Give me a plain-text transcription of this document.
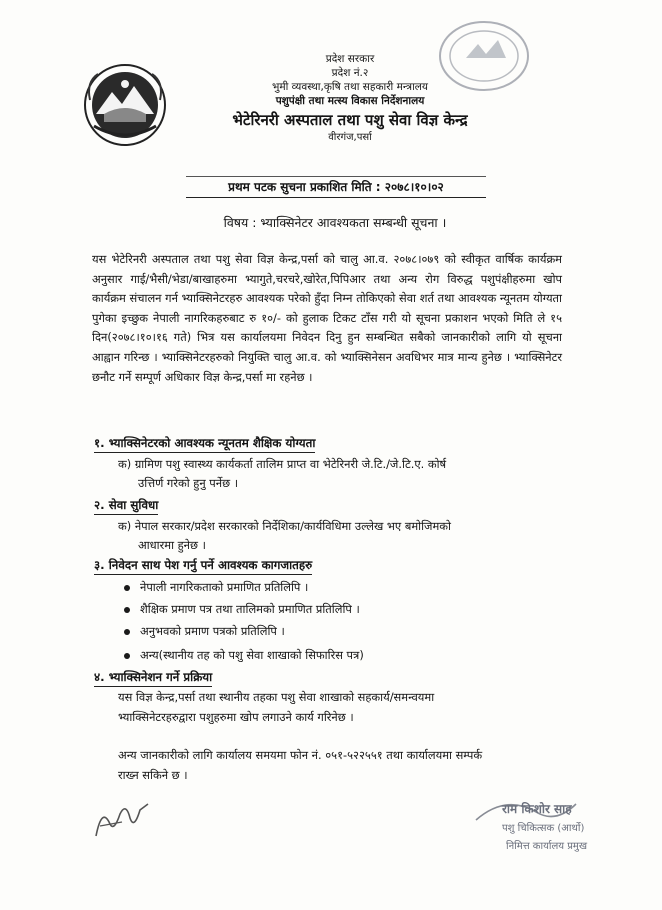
प्रदेश सरकार
प्रदेश नं.२
भुमी व्यवस्था,कृषि तथा सहकारी मन्त्रालय
पशुपंक्षी तथा मत्स्य विकास निर्देशनालय
भेटेरिनरी अस्पताल तथा पशु सेवा विज्ञ केन्द्र
वीरगंज,पर्सा
प्रथम पटक सुचना प्रकाशित मिति : २०७८।१०।०२
विषय : भ्याक्सिनेटर आवश्यकता सम्बन्धी सूचना ।
यस भेटेरिनरी अस्पताल तथा पशु सेवा विज्ञ केन्द्र,पर्सा को चालु आ.व. २०७८।०७९ को स्वीकृत वार्षिक कार्यक्रम अनुसार गाई/भैसी/भेडा/बाखाहरुमा भ्यागुते,चरचरे,खोरेत,पिपिआर तथा अन्य रोग विरुद्ध पशुपंक्षीहरुमा खोप कार्यक्रम संचालन गर्न भ्याक्सिनेटरहरु आवश्यक परेको हुँदा निम्न तोकिएको सेवा शर्त तथा आवश्यक न्यूनतम योग्यता पुगेका इच्छुक नेपाली नागरिकहरुबाट रु १०/- को हुलाक टिकट टाँस गरी यो सूचना प्रकाशन भएको मिति ले १५ दिन(२०७८।१०।१६ गते) भित्र यस कार्यालयमा निवेदन दिनु हुन सम्बन्धित सबैको जानकारीको लागि यो सूचना आह्वान गरिन्छ । भ्याक्सिनेटरहरुको नियुक्ति चालु आ.व. को भ्याक्सिनेसन अवधिभर मात्र मान्य हुनेछ । भ्याक्सिनेटर छनौट गर्ने सम्पूर्ण अधिकार विज्ञ केन्द्र,पर्सा मा रहनेछ ।
१. भ्याक्सिनेटरको आवश्यक न्यूनतम शैक्षिक योग्यता
क) ग्रामिण पशु स्वास्थ्य कार्यकर्ता तालिम प्राप्त वा भेटेरिनरी जे.टि./जे.टि.ए. कोर्ष
उत्तिर्ण गरेको हुनु पर्नेछ ।
२. सेवा सुविधा
क) नेपाल सरकार/प्रदेश सरकारको निर्देशिका/कार्यविधिमा उल्लेख भए बमोजिमको
आधारमा हुनेछ ।
३. निवेदन साथ पेश गर्नु पर्ने आवश्यक कागजातहरु
नेपाली नागरिकताको प्रमाणित प्रतिलिपि ।
शैक्षिक प्रमाण पत्र तथा तालिमको प्रमाणित प्रतिलिपि ।
अनुभवको प्रमाण पत्रको प्रतिलिपि ।
अन्य(स्थानीय तह को पशु सेवा शाखाको सिफारिस पत्र)
४. भ्याक्सिनेशन गर्ने प्रक्रिया
यस विज्ञ केन्द्र,पर्सा तथा स्थानीय तहका पशु सेवा शाखाको सहकार्य/समन्वयमा
भ्याक्सिनेटरहरुद्वारा पशुहरुमा खोप लगाउने कार्य गरिनेछ ।
अन्य जानकारीको लागि कार्यालय समयमा फोन नं. ०५१-५२२५५१ तथा कार्यालयमा सम्पर्क
राख्न सकिने छ ।
राम किशोर साह
पशु चिकित्सक (आर्थो)
निमित्त कार्यालय प्रमुख
